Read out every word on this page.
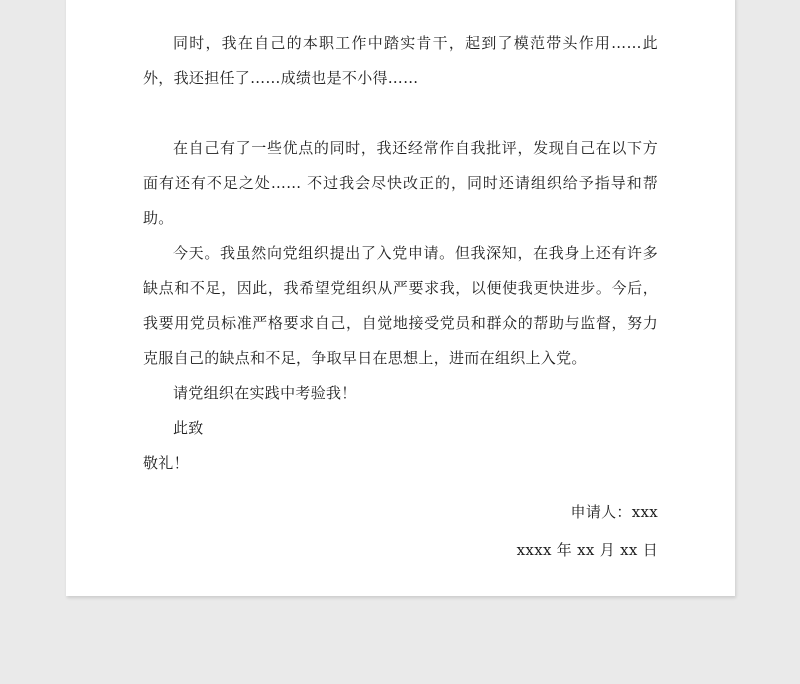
同时，我在自己的本职工作中踏实肯干，起到了模范带头作用……此外，我还担任了……成绩也是不小得……

在自己有了一些优点的同时，我还经常作自我批评，发现自己在以下方面有还有不足之处…… 不过我会尽快改正的，同时还请组织给予指导和帮助。

今天。我虽然向党组织提出了入党申请。但我深知，在我身上还有许多缺点和不足，因此，我希望党组织从严要求我，以便使我更快进步。今后，我要用党员标准严格要求自己，自觉地接受党员和群众的帮助与监督，努力克服自己的缺点和不足，争取早日在思想上，进而在组织上入党。

请党组织在实践中考验我！

此致

敬礼！

申请人：xxx

xxxx 年 xx 月 xx 日
